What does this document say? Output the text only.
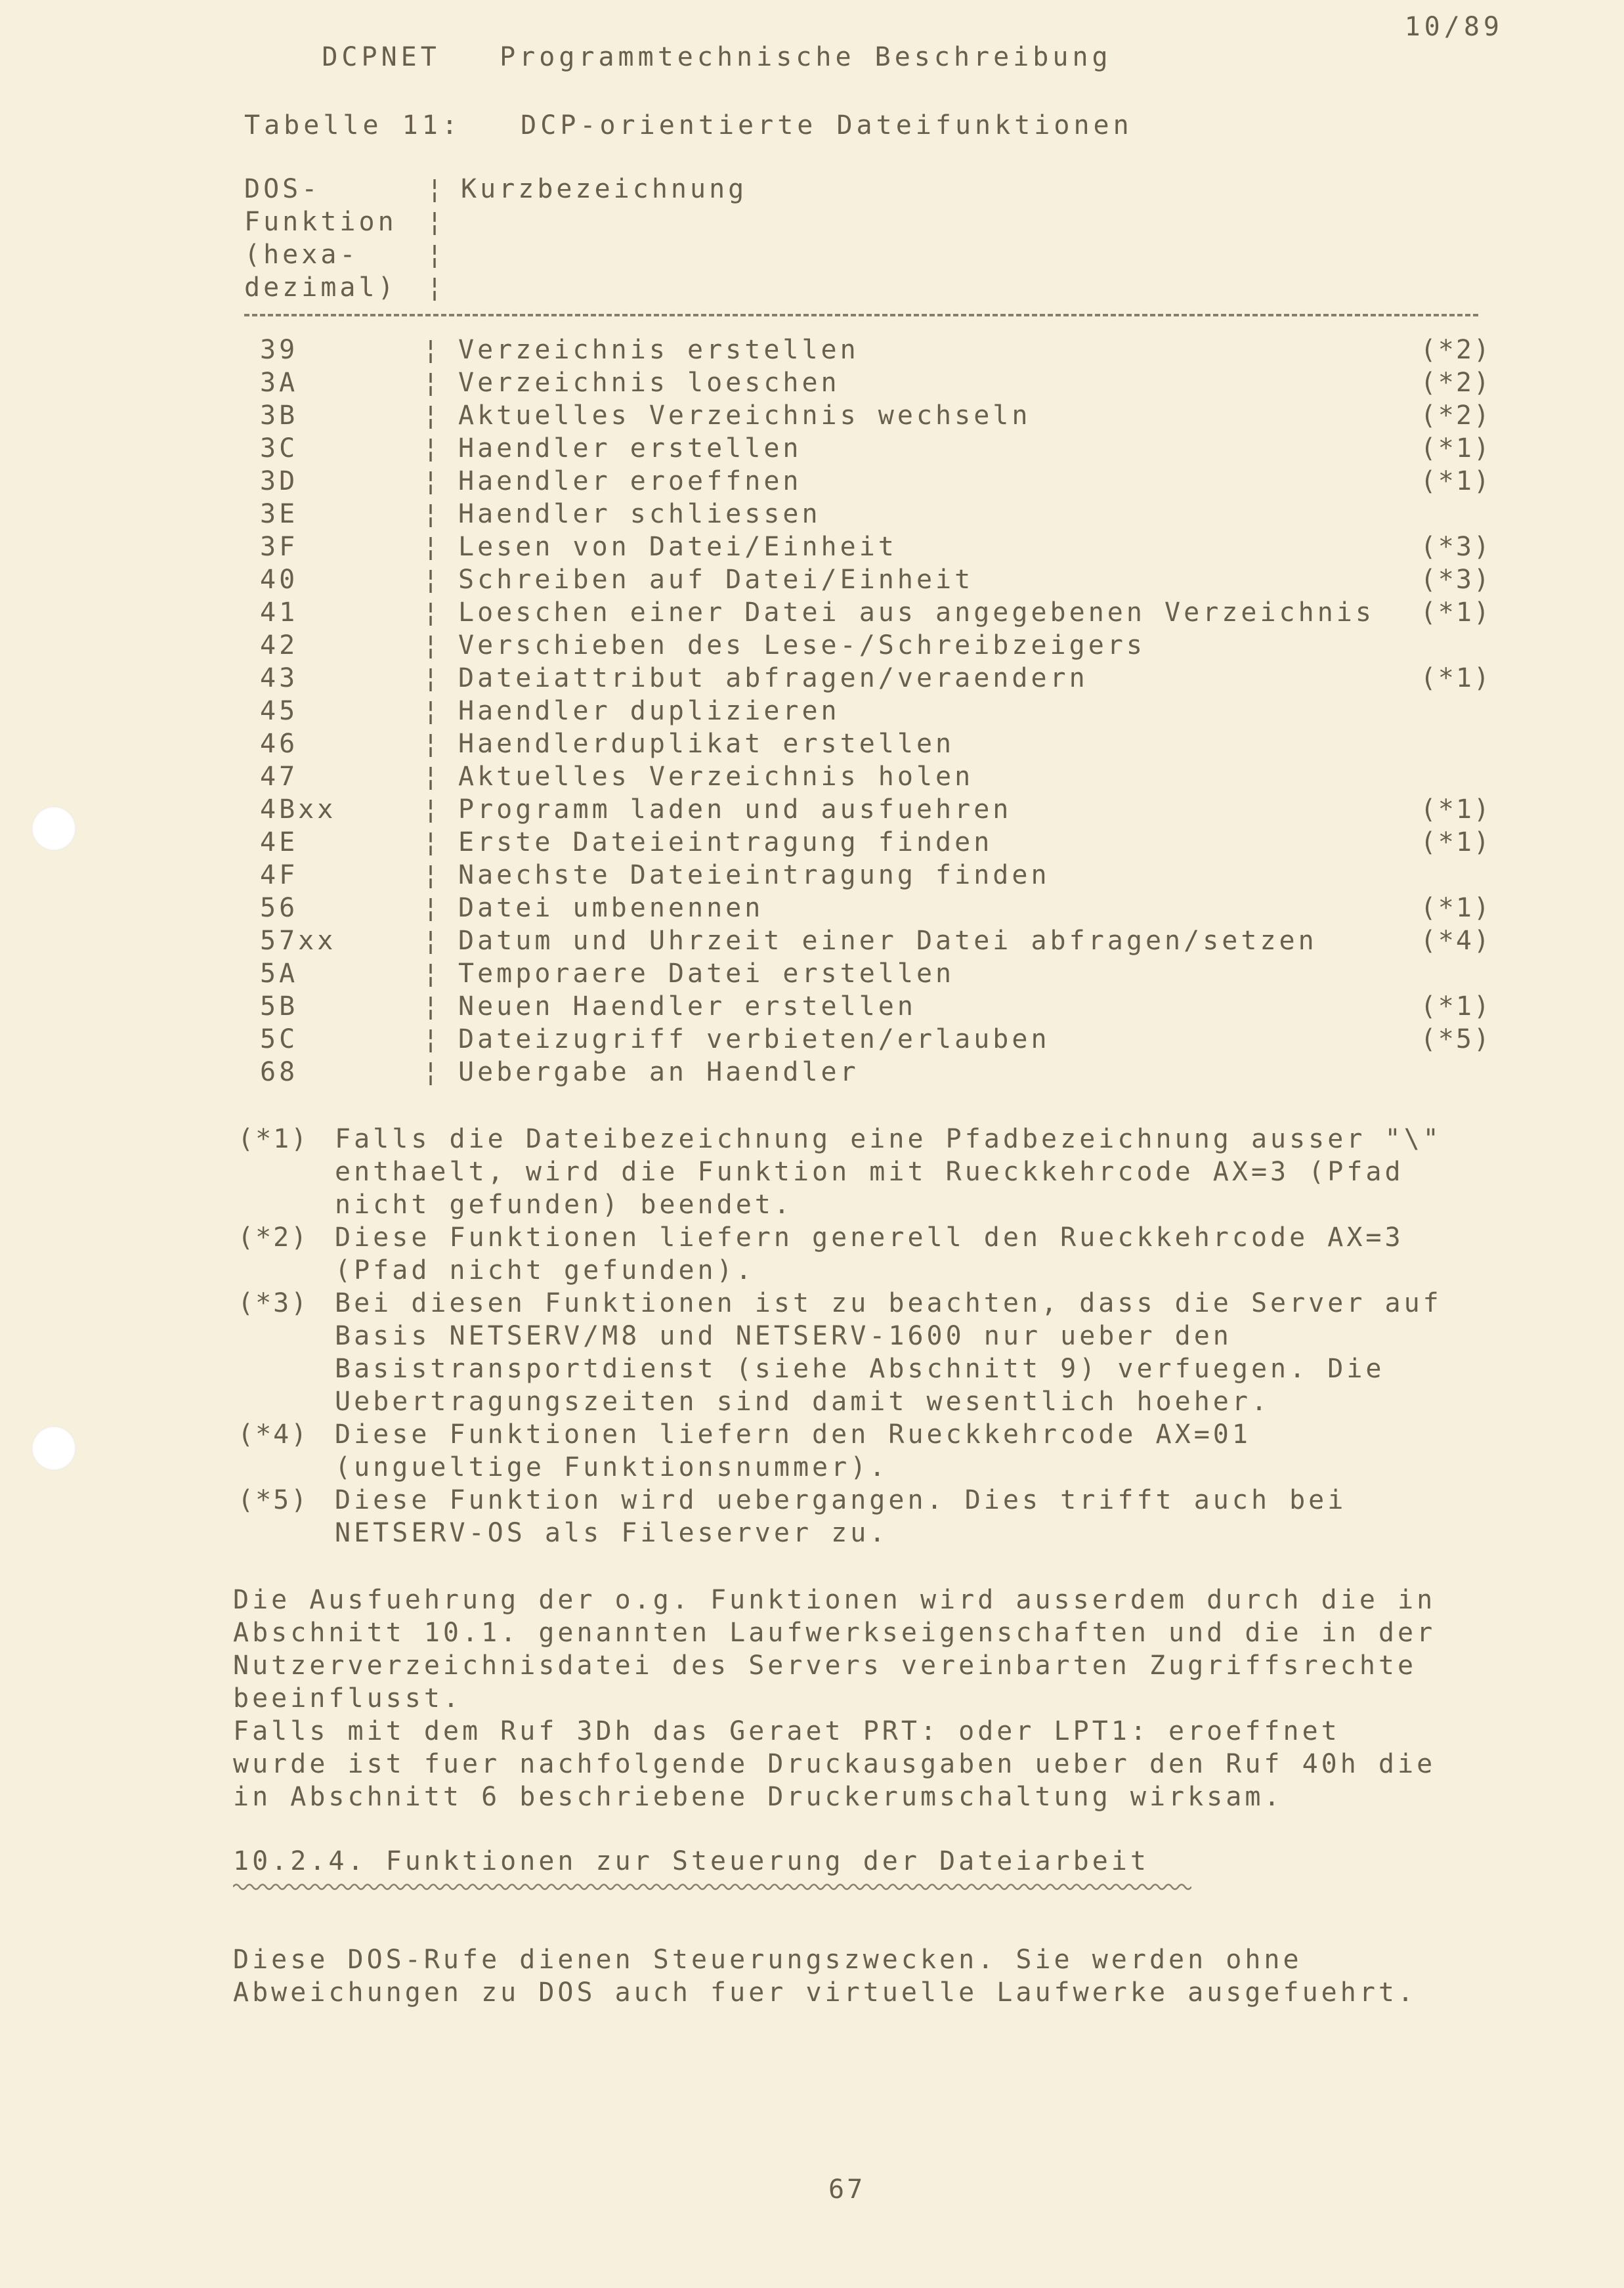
DCPNET   Programmtechnische Beschreibung

10/89

Tabelle 11:   DCP-orientierte Dateifunktionen
DOS-	¦ Kurzbezeichnung
Funktion ¦
(hexa-	¦
dezimal) ¦
39	¦ Verzeichnis erstellen	(*2)
3A	¦ Verzeichnis loeschen	(*2)
3B	¦ Aktuelles Verzeichnis wechseln	(*2)
3C	¦ Haendler erstellen	(*1)
3D	¦ Haendler eroeffnen	(*1)
3E	¦ Haendler schliessen
3F	¦ Lesen von Datei/Einheit	(*3)
40	¦ Schreiben auf Datei/Einheit	(*3)
41	¦ Loeschen einer Datei aus angegebenen Verzeichnis (*1)
42	¦ Verschieben des Lese-/Schreibzeigers
43	¦ Dateiattribut abfragen/veraendern	(*1)
45	¦ Haendler duplizieren
46	¦ Haendlerduplikat erstellen
47	¦ Aktuelles Verzeichnis holen
4Bxx	¦ Programm laden und ausfuehren	(*1)
4E	¦ Erste Dateieintragung finden	(*1)
4F	¦ Naechste Dateieintragung finden
56	¦ Datei umbenennen	(*1)
57xx	¦ Datum und Uhrzeit einer Datei abfragen/setzen	(*4)
5A	¦ Temporaere Datei erstellen
5B	¦ Neuen Haendler erstellen	(*1)
5C	¦ Dateizugriff verbieten/erlauben	(*5)
68	¦ Uebergabe an Haendler
(*1) Falls die Dateibezeichnung eine Pfadbezeichnung ausser "\"
enthaelt, wird die Funktion mit Rueckkehrcode AX=3 (Pfad
nicht gefunden) beendet.
(*2) Diese Funktionen liefern generell den Rueckkehrcode AX=3
(Pfad nicht gefunden).
(*3) Bei diesen Funktionen ist zu beachten, dass die Server auf
Basis NETSERV/M8 und NETSERV-1600 nur ueber den
Basistransportdienst (siehe Abschnitt 9) verfuegen. Die
Uebertragungszeiten sind damit wesentlich hoeher.
(*4) Diese Funktionen liefern den Rueckkehrcode AX=01
(ungueltige Funktionsnummer).
(*5) Diese Funktion wird uebergangen. Dies trifft auch bei
NETSERV-OS als Fileserver zu.
Die Ausfuehrung der o.g. Funktionen wird ausserdem durch die in
Abschnitt 10.1. genannten Laufwerkseigenschaften und die in der
Nutzerverzeichnisdatei des Servers vereinbarten Zugriffsrechte
beeinflusst.
Falls mit dem Ruf 3Dh das Geraet PRT: oder LPT1: eroeffnet
wurde ist fuer nachfolgende Druckausgaben ueber den Ruf 40h die
in Abschnitt 6 beschriebene Druckerumschaltung wirksam.
10.2.4. Funktionen zur Steuerung der Dateiarbeit
Diese DOS-Rufe dienen Steuerungszwecken. Sie werden ohne
Abweichungen zu DOS auch fuer virtuelle Laufwerke ausgefuehrt.
67
